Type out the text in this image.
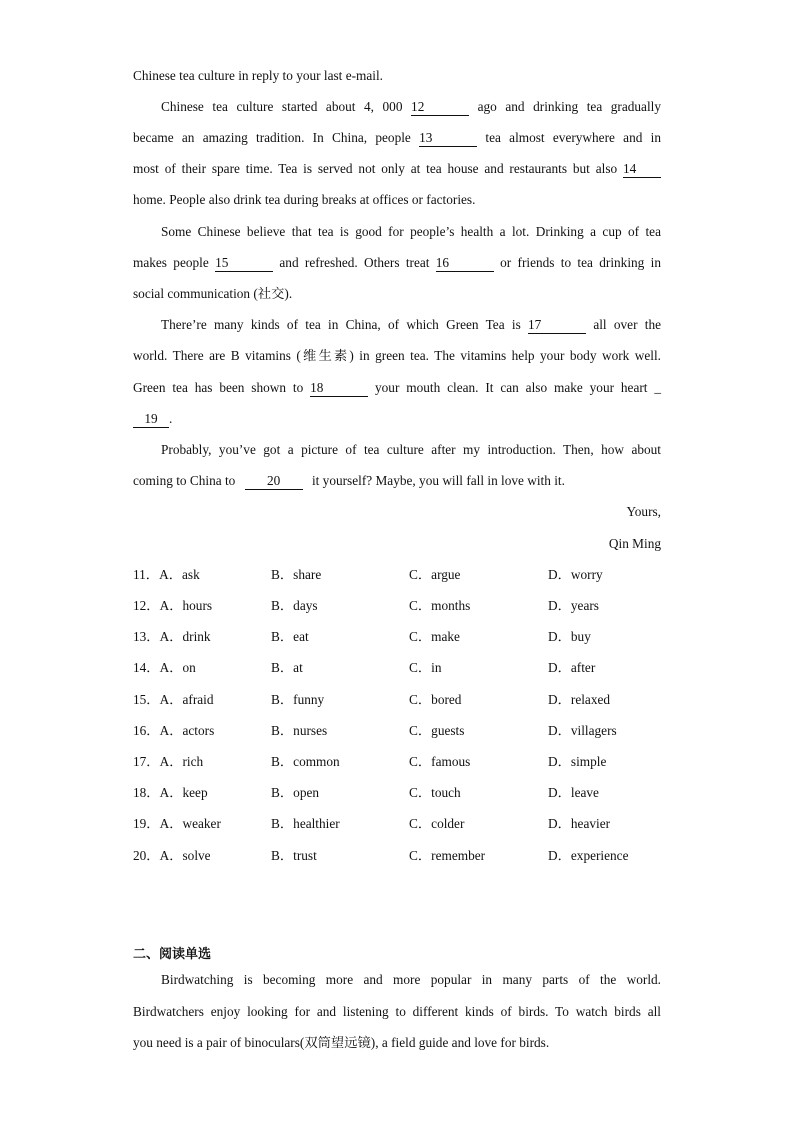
Chinese tea culture in reply to your last e-mail.
Chinese tea culture started about 4, 000 12	ago and drinking tea gradually
became an amazing tradition. In China, people 13	tea almost everywhere and in
most of their spare time. Tea is served not only at tea house and restaurants but also 14
home. People also drink tea during breaks at offices or factories.
Some Chinese believe that tea is good for people’s health a lot. Drinking a cup of tea
makes people 15	and refreshed. Others treat 16	or friends to tea drinking in
social communication (社交).
There’re many kinds of tea in China, of which Green Tea is 17	all over the
world. There are B vitamins (维生素) in green tea. The vitamins help your body work well.
Green tea has been shown to 18	your mouth clean. It can also make your heart _
19 .
Probably, you’ve got a picture of tea culture after my introduction. Then, how about
coming to China to 20 it yourself? Maybe, you will fall in love with it.
Yours,
Qin Ming
11．A．ask	B．share	C．argue	D．worry
12．A．hours	B．days	C．months	D．years
13．A．drink	B．eat	C．make	D．buy
14．A．on	B．at	C．in	D．after
15．A．afraid	B．funny	C．bored	D．relaxed
16．A．actors	B．nurses	C．guests	D．villagers
17．A．rich	B．common	C．famous	D．simple
18．A．keep	B．open	C．touch	D．leave
19．A．weaker	B．healthier	C．colder	D．heavier
20．A．solve	B．trust	C．remember	D．experience
二、阅读单选
Birdwatching is becoming more and more popular in many parts of the world.
Birdwatchers enjoy looking for and listening to different kinds of birds. To watch birds all
you need is a pair of binoculars(双筒望远镜), a field guide and love for birds.
